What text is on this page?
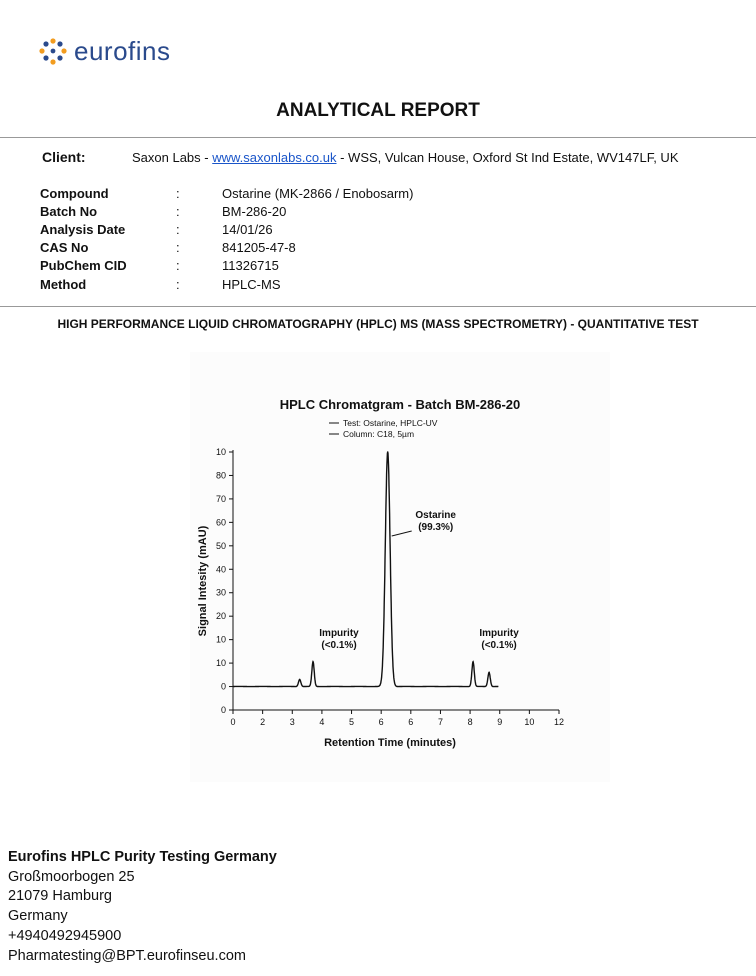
eurofins
ANALYTICAL REPORT
Client:	Saxon Labs - www.saxonlabs.co.uk - WSS, Vulcan House, Oxford St Ind Estate, WV147LF, UK
Compound	:	Ostarine (MK-2866 / Enobosarm)
Batch No	:	BM-286-20
Analysis Date	:	14/01/26
CAS No	:	841205-47-8
PubChem CID	:	11326715
Method	:	HPLC-MS
HIGH PERFORMANCE LIQUID CHROMATOGRAPHY (HPLC) MS (MASS SPECTROMETRY) - QUANTITATIVE TEST
HPLC Chromatgram - Batch BM-286-20
Test: Ostarine, HPLC-UV
Column: C18, 5µm
0
0
10
10
20
30
40
50
60
70
80
10
0	2	3	4	5	6	6	7	8	9 10 12
Retention Time (minutes)
Signal Intesity (mAU)	Impurity
(<0.1%)
Ostarine
(99.3%)
Impurity
(<0.1%)
Eurofins HPLC Purity Testing Germany
Großmoorbogen 25
21079 Hamburg
Germany
+4940492945900
Pharmatesting@BPT.eurofinseu.com
